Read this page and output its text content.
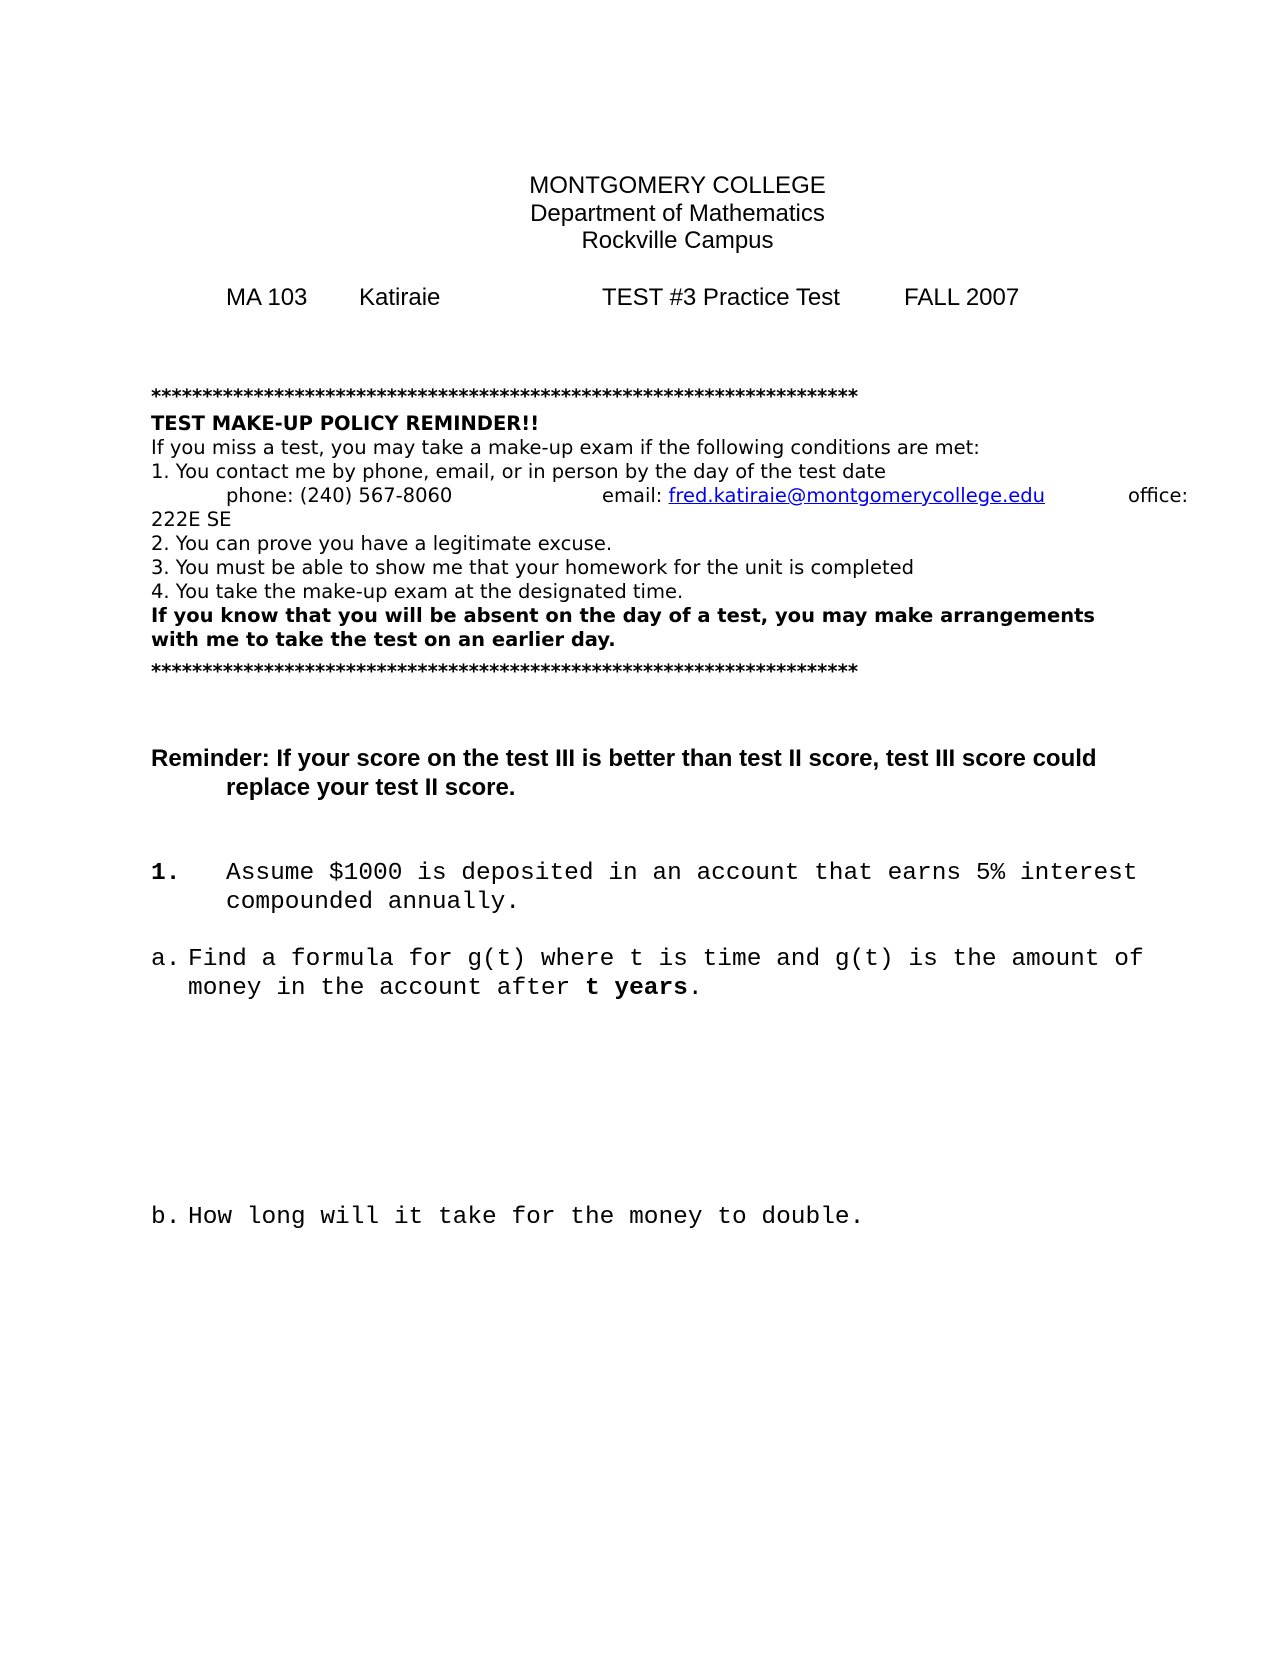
MONTGOMERY COLLEGE
Department of Mathematics
Rockville Campus
MA 103 Katiraie	TEST #3 Practice Test	FALL 2007
*********************************************************************
TEST MAKE-UP POLICY REMINDER!!
If you miss a test, you may take a make-up exam if the following conditions are met:
1. You contact me by phone, email, or in person by the day of the test date
phone: (240) 567-8060	email: fred.katiraie@montgomerycollege.edu	office:
222E SE
2. You can prove you have a legitimate excuse.
3. You must be able to show me that your homework for the unit is completed
4. You take the make-up exam at the designated time.
If you know that you will be absent on the day of a test, you may make arrangements
with me to take the test on an earlier day.
*********************************************************************
Reminder: If your score on the test III is better than test II score, test III score could
replace your test II score.
1. Assume $1000 is deposited in an account that earns 5% interest
compounded annually.
a. Find a formula for g(t) where t is time and g(t) is the amount of
money in the account after t years.
b. How long will it take for the money to double.
